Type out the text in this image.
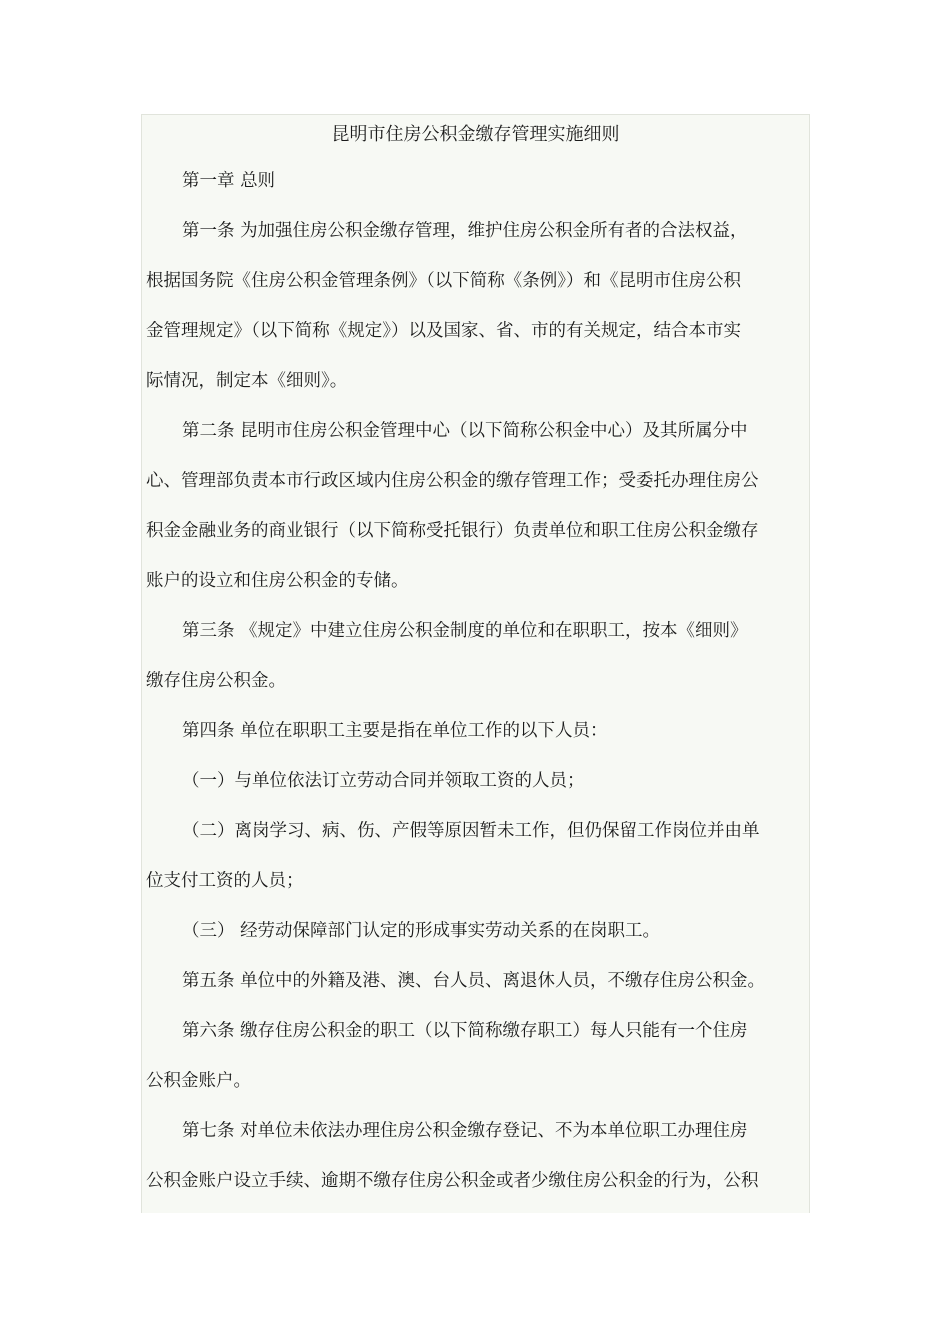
昆明市住房公积金缴存管理实施细则

第一章 总则

第一条 为加强住房公积金缴存管理，维护住房公积金所有者的合法权益，

根据国务院《住房公积金管理条例》（以下简称《条例》）和《昆明市住房公积

金管理规定》（以下简称《规定》）以及国家、省、市的有关规定，结合本市实

际情况，制定本《细则》。

第二条 昆明市住房公积金管理中心（以下简称公积金中心）及其所属分中

心、管理部负责本市行政区域内住房公积金的缴存管理工作；受委托办理住房公

积金金融业务的商业银行（以下简称受托银行）负责单位和职工住房公积金缴存

账户的设立和住房公积金的专储。

第三条 《规定》中建立住房公积金制度的单位和在职职工，按本《细则》

缴存住房公积金。

第四条 单位在职职工主要是指在单位工作的以下人员：

（一）与单位依法订立劳动合同并领取工资的人员；

（二）离岗学习、病、伤、产假等原因暂未工作，但仍保留工作岗位并由单

位支付工资的人员；

（三） 经劳动保障部门认定的形成事实劳动关系的在岗职工。

第五条 单位中的外籍及港、澳、台人员、离退休人员，不缴存住房公积金。

第六条 缴存住房公积金的职工（以下简称缴存职工）每人只能有一个住房

公积金账户。

第七条 对单位未依法办理住房公积金缴存登记、不为本单位职工办理住房

公积金账户设立手续、逾期不缴存住房公积金或者少缴住房公积金的行为，公积
